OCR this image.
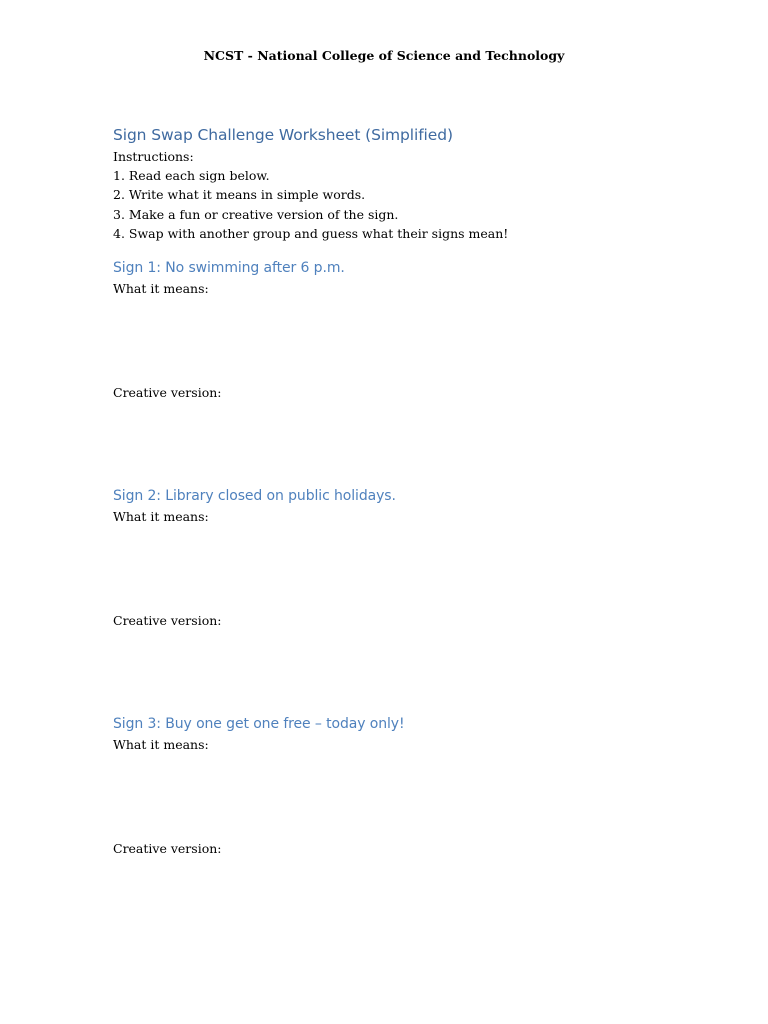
NCST - National College of Science and Technology
Sign Swap Challenge Worksheet (Simplified)

Instructions:

1. Read each sign below.

2. Write what it means in simple words.

3. Make a fun or creative version of the sign.

4. Swap with another group and guess what their signs mean!

Sign 1: No swimming after 6 p.m.

What it means:

Creative version:

Sign 2: Library closed on public holidays.

What it means:

Creative version:

Sign 3: Buy one get one free – today only!

What it means:

Creative version:
